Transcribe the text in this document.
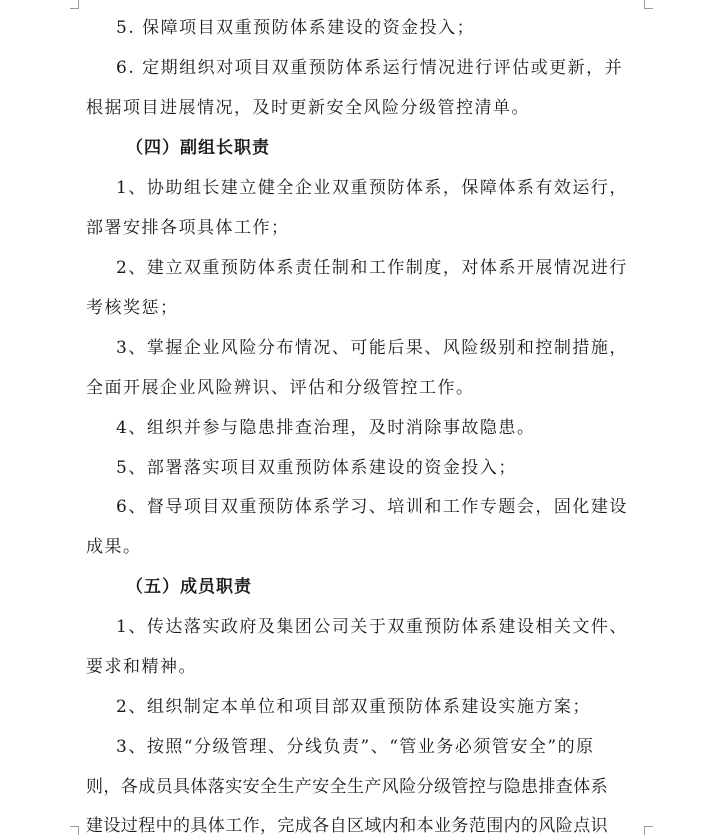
5. 保障项目双重预防体系建设的资金投入；
6. 定期组织对项目双重预防体系运行情况进行评估或更新，并
根据项目进展情况，及时更新安全风险分级管控清单。
（四）副组长职责
1、协助组长建立健全企业双重预防体系，保障体系有效运行，
部署安排各项具体工作；
2、建立双重预防体系责任制和工作制度，对体系开展情况进行
考核奖惩；
3、掌握企业风险分布情况、可能后果、风险级别和控制措施，
全面开展企业风险辨识、评估和分级管控工作。
4、组织并参与隐患排查治理，及时消除事故隐患。
5、部署落实项目双重预防体系建设的资金投入；
6、督导项目双重预防体系学习、培训和工作专题会，固化建设
成果。
（五）成员职责
1、传达落实政府及集团公司关于双重预防体系建设相关文件、
要求和精神。
2、组织制定本单位和项目部双重预防体系建设实施方案；
3、按照“分级管理、分线负责”、“管业务必须管安全”的原
则，各成员具体落实安全生产安全生产风险分级管控与隐患排查体系
建设过程中的具体工作，完成各自区域内和本业务范围内的风险点识
